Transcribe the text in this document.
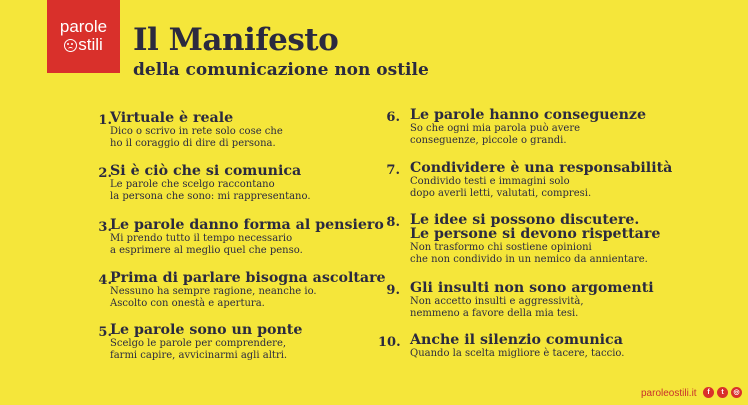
parole
stili Il Manifesto
della comunicazione non ostile
1.
Virtuale è reale
Dico o scrivo in rete solo cose che
ho il coraggio di dire di persona.
2.
Si è ciò che si comunica
Le parole che scelgo raccontano
la persona che sono: mi rappresentano.
3.
Le parole danno forma al pensiero
Mi prendo tutto il tempo necessario
a esprimere al meglio quel che penso.
4.
Prima di parlare bisogna ascoltare
Nessuno ha sempre ragione, neanche io.
Ascolto con onestà e apertura.
5.
Le parole sono un ponte
Scelgo le parole per comprendere,
farmi capire, avvicinarmi agli altri.
6. Le parole hanno conseguenze
So che ogni mia parola può avere
conseguenze, piccole o grandi.
7. Condividere è una responsabilità
Condivido testi e immagini solo
dopo averli letti, valutati, compresi.
8. Le idee si possono discutere.
Le persone si devono rispettare
Non trasformo chi sostiene opinioni
che non condivido in un nemico da annientare.
9. Gli insulti non sono argomenti
Non accetto insulti e aggressività,
nemmeno a favore della mia tesi.
10. Anche il silenzio comunica
Quando la scelta migliore è tacere, taccio.
paroleostili.it	f	t	◎
